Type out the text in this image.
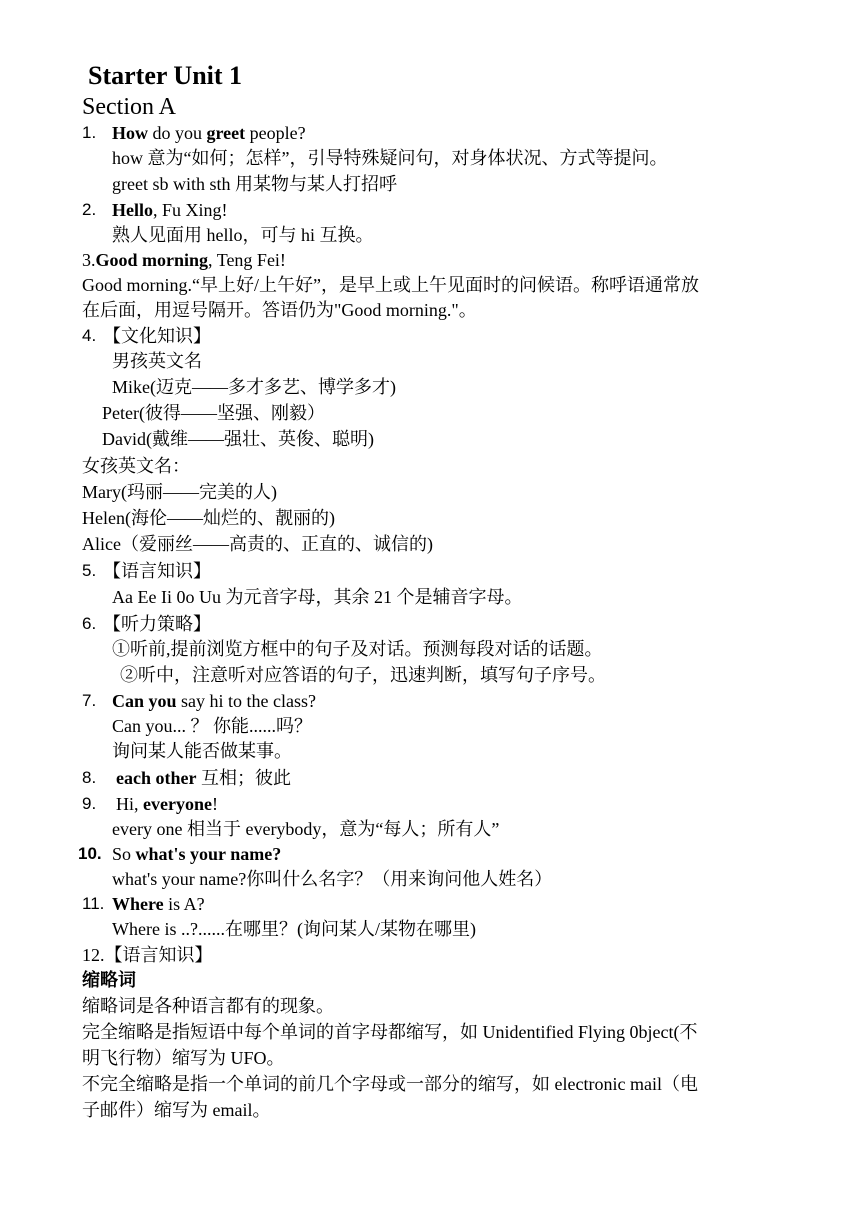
Starter Unit 1
Section A
1. How do you greet people?
how 意为“如何；怎样”，引导特殊疑问句，对身体状况、方式等提问。
greet sb with sth 用某物与某人打招呼
2. Hello, Fu Xing!
熟人见面用 hello，可与 hi 互换。
3.Good morning, Teng Fei!
Good morning.“早上好/上午好”，是早上或上午见面时的问候语。称呼语通常放
在后面，用逗号隔开。答语仍为"Good morning."。
4. 【文化知识】
男孩英文名
Mike(迈克——多才多艺、博学多才)
Peter(彼得——坚强、刚毅）
David(戴维——强壮、英俊、聪明)
女孩英文名：
Mary(玛丽——完美的人)
Helen(海伦——灿烂的、靓丽的)
Alice（爱丽丝——高责的、正直的、诚信的)
5. 【语言知识】
Aa Ee Ii 0o Uu 为元音字母，其余 21 个是辅音字母。
6. 【听力策略】
①听前,提前浏览方框中的句子及对话。预测每段对话的话题。
②听中，注意听对应答语的句子，迅速判断，填写句子序号。
7. Can you say hi to the class?
Can you... ？ 你能......吗？
询问某人能否做某事。
8. each other 互相；彼此
9. Hi, everyone!
every one 相当于 everybody，意为“每人；所有人”
10. So what's your name?
what's your name?你叫什么名字？（用来询问他人姓名）
11. Where is A?
Where is ..?......在哪里？(询问某人/某物在哪里)
12.【语言知识】
缩略词
缩略词是各种语言都有的现象。
完全缩略是指短语中每个单词的首字母都缩写，如 Unidentified Flying 0bject(不
明飞行物）缩写为 UFO。
不完全缩略是指一个单词的前几个字母或一部分的缩写，如 electronic mail（电
子邮件）缩写为 email。
